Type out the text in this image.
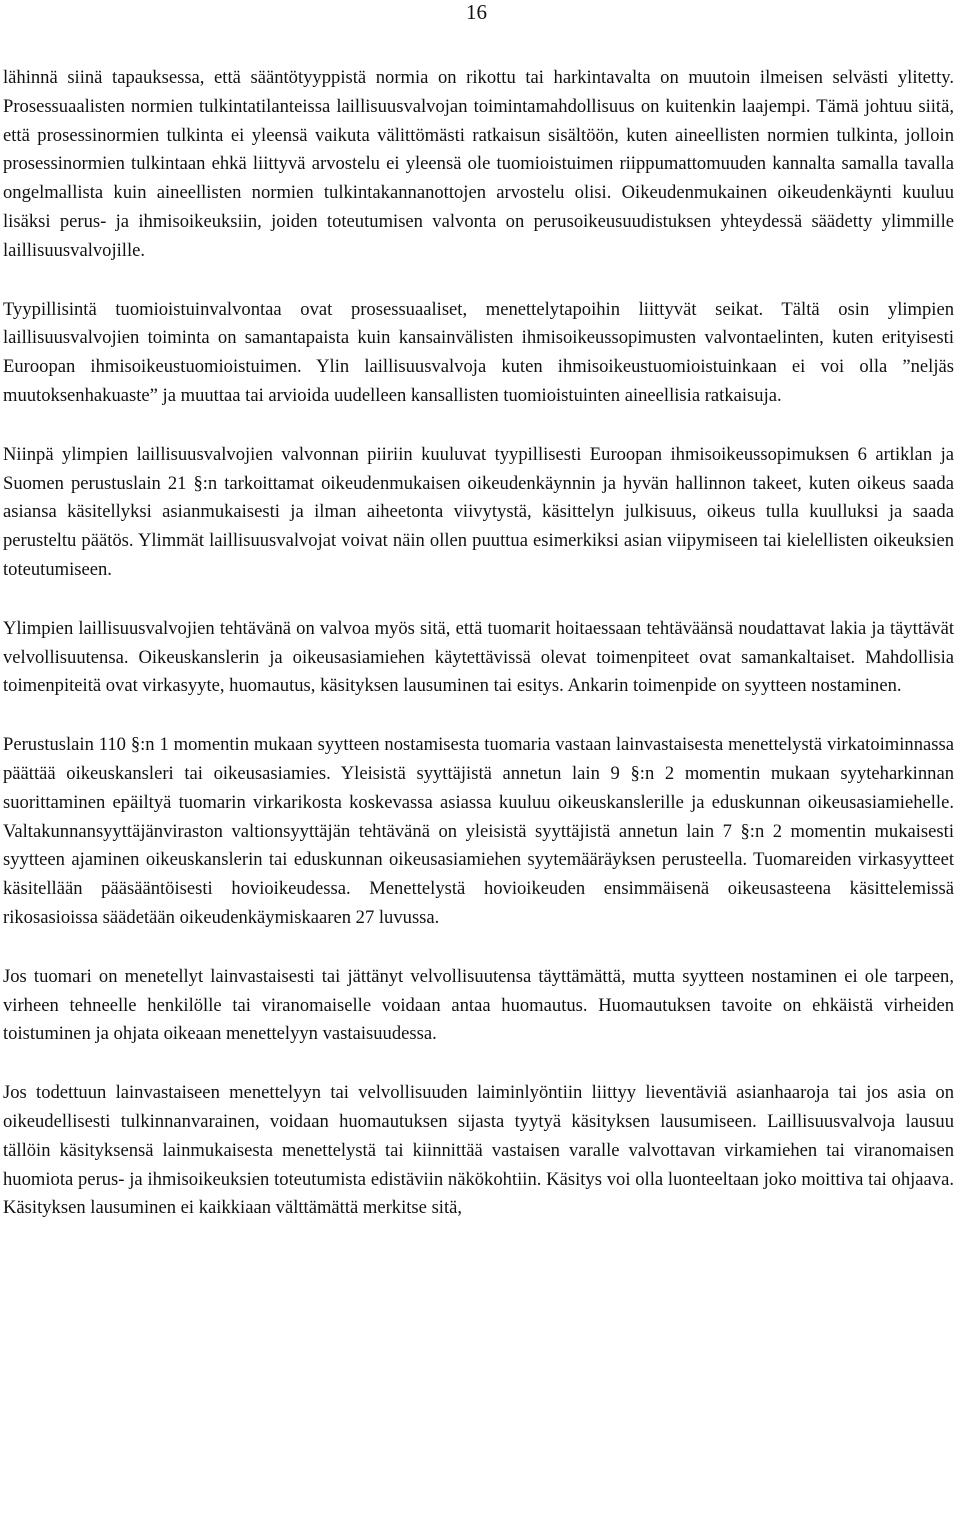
16

lähinnä siinä tapauksessa, että sääntötyyppistä normia on rikottu tai harkintavalta on muutoin ilmeisen selvästi ylitetty. Prosessuaalisten normien tulkintatilanteissa laillisuusvalvojan toimintamahdollisuus on kuitenkin laajempi. Tämä johtuu siitä, että prosessinormien tulkinta ei yleensä vaikuta välittömästi ratkaisun sisältöön, kuten aineellisten normien tulkinta, jolloin prosessinormien tulkintaan ehkä liittyvä arvostelu ei yleensä ole tuomioistuimen riippumattomuuden kannalta samalla tavalla ongelmallista kuin aineellisten normien tulkintakannanottojen arvostelu olisi. Oikeudenmukainen oikeudenkäynti kuuluu lisäksi perus- ja ihmisoikeuksiin, joiden toteutumisen valvonta on perusoikeusuudistuksen yhteydessä säädetty ylimmille laillisuusvalvojille.

Tyypillisintä tuomioistuinvalvontaa ovat prosessuaaliset, menettelytapoihin liittyvät seikat. Tältä osin ylimpien laillisuusvalvojien toiminta on samantapaista kuin kansainvälisten ihmisoikeussopimusten valvontaelinten, kuten erityisesti Euroopan ihmisoikeustuomioistuimen. Ylin laillisuusvalvoja kuten ihmisoikeustuomioistuinkaan ei voi olla ”neljäs muutoksenhakuaste” ja muuttaa tai arvioida uudelleen kansallisten tuomioistuinten aineellisia ratkaisuja.

Niinpä ylimpien laillisuusvalvojien valvonnan piiriin kuuluvat tyypillisesti Euroopan ihmisoikeussopimuksen 6 artiklan ja Suomen perustuslain 21 §:n tarkoittamat oikeudenmukaisen oikeudenkäynnin ja hyvän hallinnon takeet, kuten oikeus saada asiansa käsitellyksi asianmukaisesti ja ilman aiheetonta viivytystä, käsittelyn julkisuus, oikeus tulla kuulluksi ja saada perusteltu päätös. Ylimmät laillisuusvalvojat voivat näin ollen puuttua esimerkiksi asian viipymiseen tai kielellisten oikeuksien toteutumiseen.

Ylimpien laillisuusvalvojien tehtävänä on valvoa myös sitä, että tuomarit hoitaessaan tehtäväänsä noudattavat lakia ja täyttävät velvollisuutensa. Oikeuskanslerin ja oikeusasiamiehen käytettävissä olevat toimenpiteet ovat samankaltaiset. Mahdollisia toimenpiteitä ovat virkasyyte, huomautus, käsityksen lausuminen tai esitys. Ankarin toimenpide on syytteen nostaminen.

Perustuslain 110 §:n 1 momentin mukaan syytteen nostamisesta tuomaria vastaan lainvastaisesta menettelystä virkatoiminnassa päättää oikeuskansleri tai oikeusasiamies. Yleisistä syyttäjistä annetun lain 9 §:n 2 momentin mukaan syyteharkinnan suorittaminen epäiltyä tuomarin virkarikosta koskevassa asiassa kuuluu oikeuskanslerille ja eduskunnan oikeusasiamiehelle. Valtakunnansyyttäjänviraston valtionsyyttäjän tehtävänä on yleisistä syyttäjistä annetun lain 7 §:n 2 momentin mukaisesti syytteen ajaminen oikeuskanslerin tai eduskunnan oikeusasiamiehen syytemääräyksen perusteella. Tuomareiden virkasyytteet käsitellään pääsääntöisesti hovioikeudessa. Menettelystä hovioikeuden ensimmäisenä oikeusasteena käsittelemissä rikosasioissa säädetään oikeudenkäymiskaaren 27 luvussa.

Jos tuomari on menetellyt lainvastaisesti tai jättänyt velvollisuutensa täyttämättä, mutta syytteen nostaminen ei ole tarpeen, virheen tehneelle henkilölle tai viranomaiselle voidaan antaa huomautus. Huomautuksen tavoite on ehkäistä virheiden toistuminen ja ohjata oikeaan menettelyyn vastaisuudessa.

Jos todettuun lainvastaiseen menettelyyn tai velvollisuuden laiminlyöntiin liittyy lieventäviä asianhaaroja tai jos asia on oikeudellisesti tulkinnanvarainen, voidaan huomautuksen sijasta tyytyä käsityksen lausumiseen. Laillisuusvalvoja lausuu tällöin käsityksensä lainmukaisesta menettelystä tai kiinnittää vastaisen varalle valvottavan virkamiehen tai viranomaisen huomiota perus- ja ihmisoikeuksien toteutumista edistäviin näkökohtiin. Käsitys voi olla luonteeltaan joko moittiva tai ohjaava. Käsityksen lausuminen ei kaikkiaan välttämättä merkitse sitä,
